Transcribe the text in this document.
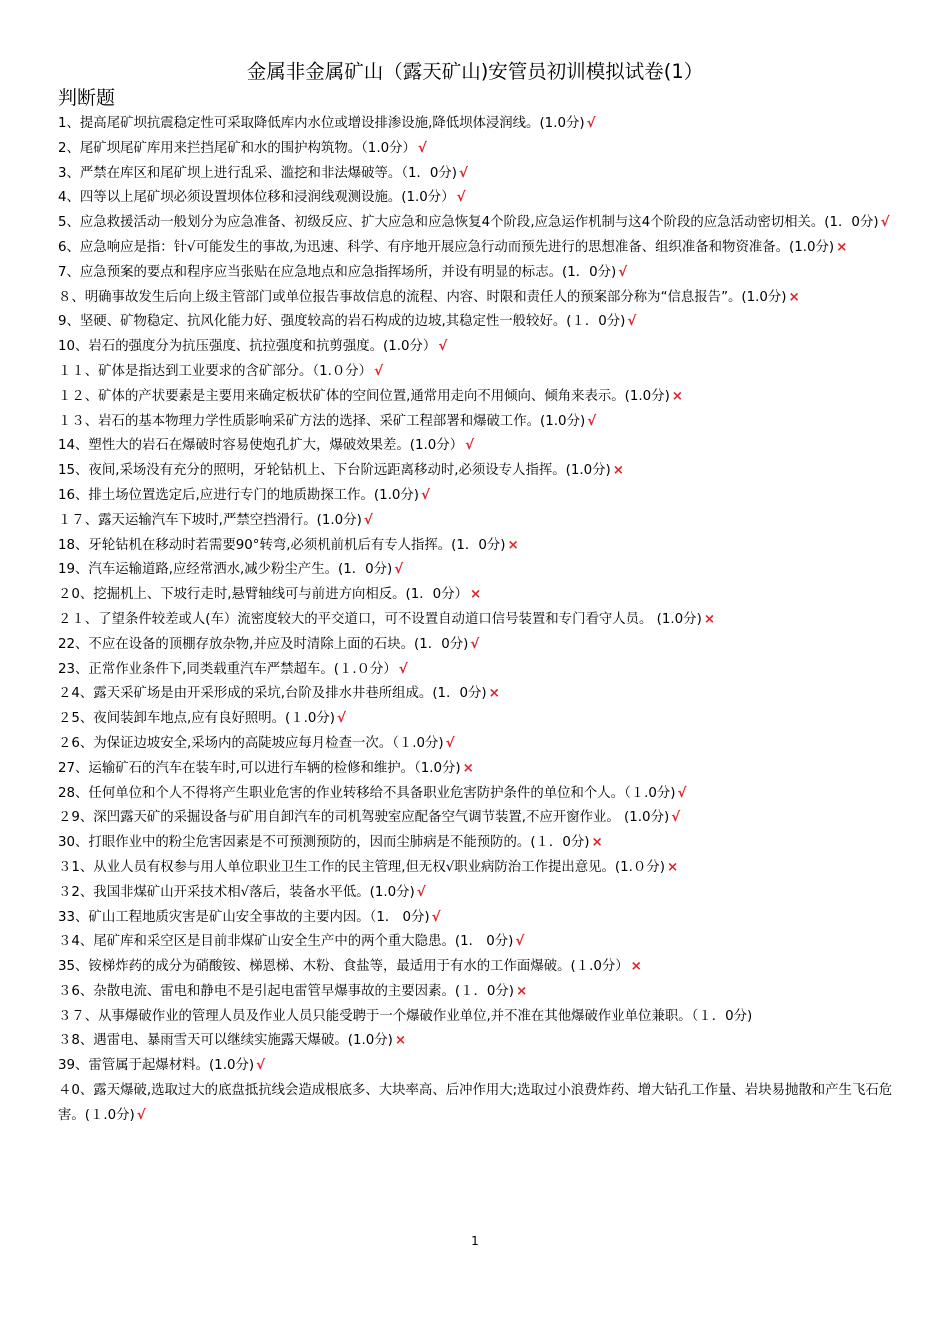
金属非金属矿山（露天矿山)安管员初训模拟试卷(1）
判断题

1、提高尾矿坝抗震稳定性可采取降低库内水位或增设排渗设施,降低坝体浸润线。(1.0分) √

2、尾矿坝尾矿库用来拦挡尾矿和水的围护构筑物。（1.0分） √

3、严禁在库区和尾矿坝上进行乱采、滥挖和非法爆破等。（1．0分) √

4、四等以上尾矿坝必须设置坝体位移和浸润线观测设施。(1.0分） √

5、应急救援活动一般划分为应急准备、初级反应、扩大应急和应急恢复4个阶段,应急运作机制与这4个阶段的应急活动密切相关。(1．0分) √

6、应急响应是指：针√可能发生的事故,为迅速、科学、有序地开展应急行动而预先进行的思想准备、组织准备和物资准备。(1.0分) ×

7、应急预案的要点和程序应当张贴在应急地点和应急指挥场所，并设有明显的标志。(1．0分) √

８、明确事故发生后向上级主管部门或单位报告事故信息的流程、内容、时限和责任人的预案部分称为“信息报告”。(1.0分) ×

9、坚硬、矿物稳定、抗风化能力好、强度较高的岩石构成的边坡,其稳定性一般较好。(１．0分) √

10、岩石的强度分为抗压强度、抗拉强度和抗剪强度。(1.0分） √

１１、矿体是指达到工业要求的含矿部分。（1.０分） √

１２、矿体的产状要素是主要用来确定板状矿体的空间位置,通常用走向不用倾向、倾角来表示。(1.0分) ×

１３、岩石的基本物理力学性质影响采矿方法的选择、采矿工程部署和爆破工作。(1.0分) √

14、塑性大的岩石在爆破时容易使炮孔扩大，爆破效果差。(1.0分） √

15、夜间,采场没有充分的照明，牙轮钻机上、下台阶远距离移动时,必须设专人指挥。(1.0分) ×

16、排土场位置选定后,应进行专门的地质勘探工作。(1.0分) √

１７、露天运输汽车下坡时,严禁空挡滑行。(1.0分) √

18、牙轮钻机在移动时若需要90°转弯,必须机前机后有专人指挥。(1．0分) ×

19、汽车运输道路,应经常洒水,减少粉尘产生。(1．0分) √

２0、挖掘机上、下坡行走时,悬臂轴线可与前进方向相反。(1．0分） ×

２１、了望条件较差或人(车）流密度较大的平交道口，可不设置自动道口信号装置和专门看守人员。 (1.0分) ×

22、不应在设备的顶棚存放杂物,并应及时清除上面的石块。(1．0分) √

23、正常作业条件下,同类载重汽车严禁超车。(１.０分） √

２4、露天采矿场是由开采形成的采坑,台阶及排水井巷所组成。(1．0分) ×

２5、夜间装卸车地点,应有良好照明。(１.0分) √

２6、为保证边坡安全,采场内的高陡坡应每月检查一次。（１.0分) √

27、运输矿石的汽车在装车时,可以进行车辆的检修和维护。（1.0分) ×

28、任何单位和个人不得将产生职业危害的作业转移给不具备职业危害防护条件的单位和个人。（１.0分) √

２9、深凹露天矿的采掘设备与矿用自卸汽车的司机驾驶室应配备空气调节装置,不应开窗作业。 (1.0分) √

30、打眼作业中的粉尘危害因素是不可预测预防的，因而尘肺病是不能预防的。(１．0分) ×

３1、从业人员有权参与用人单位职业卫生工作的民主管理,但无权√职业病防治工作提出意见。(1.０分) ×

３2、我国非煤矿山开采技术相√落后，装备水平低。(1.0分) √

33、矿山工程地质灾害是矿山安全事故的主要内因。（1． 0分) √

３4、尾矿库和采空区是目前非煤矿山安全生产中的两个重大隐患。(1． 0分) √

35、铵梯炸药的成分为硝酸铵、梯恩梯、木粉、食盐等，最适用于有水的工作面爆破。(１.0分） ×

３6、杂散电流、雷电和静电不是引起电雷管早爆事故的主要因素。(１．0分) ×

３７、从事爆破作业的管理人员及作业人员只能受聘于一个爆破作业单位,并不准在其他爆破作业单位兼职。（１．0分)

３8、遇雷电、暴雨雪天可以继续实施露天爆破。(1.0分) ×

39、雷管属于起爆材料。(1.0分) √

４0、露天爆破,选取过大的底盘抵抗线会造成根底多、大块率高、后冲作用大;选取过小浪费炸药、增大钻孔工作量、岩块易抛散和产生飞石危害。(１.0分) √

1
